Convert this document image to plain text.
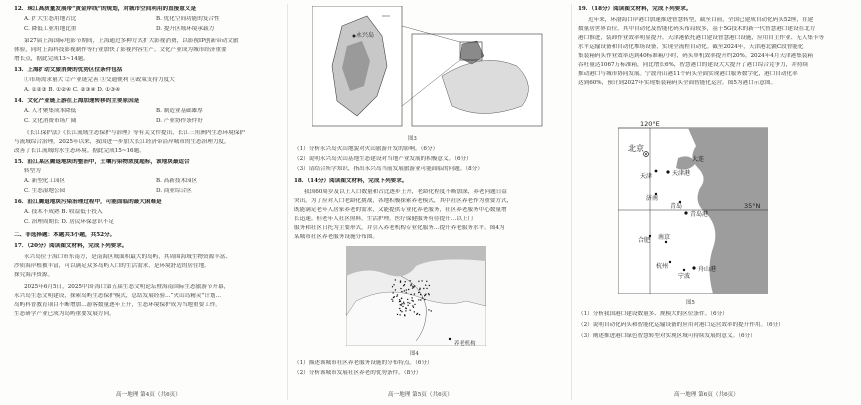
12．珠江高质量发展带“黄金岸线”的规划，对城市空间利用的直接意义是
A. 扩大生态用地占比	B. 优化空间功能的复合性
C. 降低工业用地比重	D. 提升区域环境承载力
第27届上海国际电影节期间，上海通过多种方式扩大影视消费，以影视IP创新带动文旅
体验，同时上海科技影视制作等行业加快了影视内容生产。文化产业成为城市经济重要
增长点，据此完成13~14题。
13．上海扩动文旅消费的优势区位条件包括
①市场需求量大 ②产业链完善 ③交通便利 ④政策支持力度大
A. ①②③ B. ①②④ C. ②③④ D. ①③④
14．文化产业链上游在上海加速转移的主要原因是
A. 人才聚集成本降低	B. 制造业基础雄厚
C. 文化消费市场广阔	D. 产业协作条件好
《长江保护法》《长江流域生态保护与治理》等有关文件提出，长江三角洲内生态环境保护
与流域综合治理，2025年以来，我国进一步加大长江经济带沿岸城市的生态治理力度，
改善了长江流域的水生态环境。据此完成15~16题。
15．沿江某区腾退地块的整治中，土壤污染物浓度超标，该地块最适合
转型为
A. 新型化工园区	B. 高新技术园区
C. 生态湿地公园	D. 商业综合区
16．沿江腾退地块污染治理过程中，可能面临的最大困难是
A. 技术不成熟 B. 收益低于投入
C. 治理周期长 D. 居民环保意识不足
二、非选择题：本题共3小题，共52分。
17．（20分）阅读图文材料，完成下列要求。
永兴岛位于海口市东南方，是南海区域面积最大的岛屿，其周围海域生物资源丰富、
沙质海岸植被丰富，可以满足众多岛屿人口的生活需求，是环境舒适的居住地。
探究海洋资源。
2025年6月5日，2025中国·海口第五届生态文明论坛暨海南国际生态旅游节开幕，
永兴岛生态文明建设，探索岛屿生态保护模式，总结发展经验…“火山岛精灵”计划…
岛屿科普教育项目不断增加…游客数量逐年上升，生态环境保护成为当地重要工作。
生态研学产业已成为岛屿重要发展方向。
高一地理 第4页（共6页）
永兴岛
图3
（1）分析永兴岛火山地貌对火山旅游开发的影响。（6分）
（2）说明永兴岛火山基地生态建设对当地产业发展的积极意义。（6分）
（3）请结合所学知识，指出永兴岛当前发展旅游业可能面临的问题。（8分）
18．（14分）阅读图文材料，完成下列要求。
我国60周岁及以上人口数量和占比逐步上升，老龄化程度不断加深，养老问题日益
突出。为了应对人口老龄化挑战，各地积极探索养老模式，其中社区养老作为重要方式，
既能满足老年人居家养老的需求，又能提供专业化养老服务，社区养老服务中心数量增
长迅速。但老年人社区照料，生活护理，医疗保健服务有待提升…以上门
服务和社区日托为主要形式，并引入养老机构专业化服务…提升养老服务水平。图4为
某城市社区养老服务设施分布图。
养老机构
图4
（1）描述该城市社区养老服务设施的分布特点。（6分）
（2）分析该城市发展社区养老的优势条件。（8分）
高一地理 第5页（共6页）
19．（18分）阅读图文材料，完成下列要求。
近年来，环渤海口岸港口加速推进智慧转型，截至目前，全国已建成自动化码头52座，在建
数量居世界首位，其中自动化及智能化码头布局较多，基于5G技术的新一代智慧港口建设在北方
港口推进，装卸作业效率明显提升。天津港依托港口建设智慧港口设施，应用自主作业、无人集卡等
水平运输设备和自动化堆场设备，实现全流程自动化。截至2024年，天津港北疆C段智能化
集装箱码头作业效率达到40标准箱/小时，码头单机效率提升约20%。2024年4月天津港集装箱
吞吐量达1067万标准箱，同比增长6%，智慧港口的建设大大提升了港口综合竞争力，并持续
推动港口与城市协同发展。宁波舟山港11个码头全面实现港口服务数字化，港口自动化率
达到60%，预计到2027年实现集装箱码头全面智能化运营。图5为港口示意图。
120°E
35°N
北京
天津
大连
天津港
济南
青岛
青岛港
合肥 南京
杭州
宁波
舟山港
图5
（1）分析我国港口建设数量多、规模大的区位条件。（6分）
（2）说明自动化码头和智能化运输设备的应用对港口运营效率的提升作用。（6分）
（3）阐述推进港口绿色智慧转型对实现区域可持续发展的意义。（6分）
高一地理 第6页（共6页）
